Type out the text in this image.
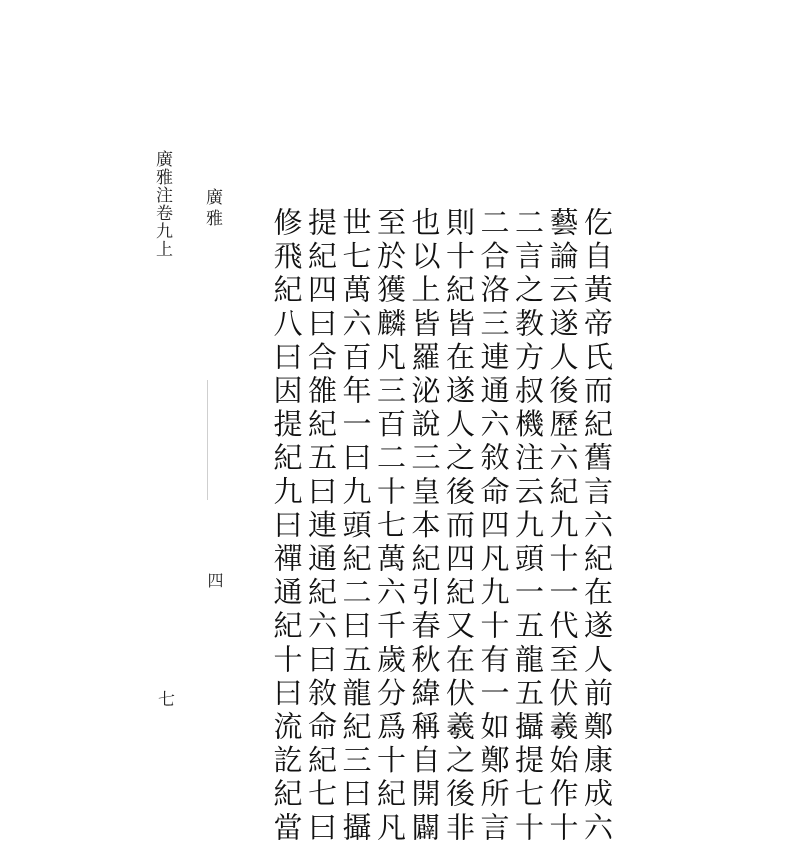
廣雅注卷九上
七
廣雅
四	仡自黃帝氏而紀舊言六紀在遂人前鄭康成六
藝論云遂人後歷六紀九十一代至伏羲始作十
二言之教方叔機注云九頭一五龍五攝提七十
二合洛三連通六敘命四凡九十有一如鄭所言
則十紀皆在遂人之後而四紀又在伏羲之後非
也以上皆羅泌說三皇本紀引春秋緯稱自開闢
至於獲麟凡三百二十七萬六千歲分爲十紀凡
世七萬六百年一曰九頭紀二曰五龍紀三曰攝
提紀四曰合雒紀五曰連通紀六曰敘命紀七曰
修飛紀八曰因提紀九曰禪通紀十曰流訖紀當
